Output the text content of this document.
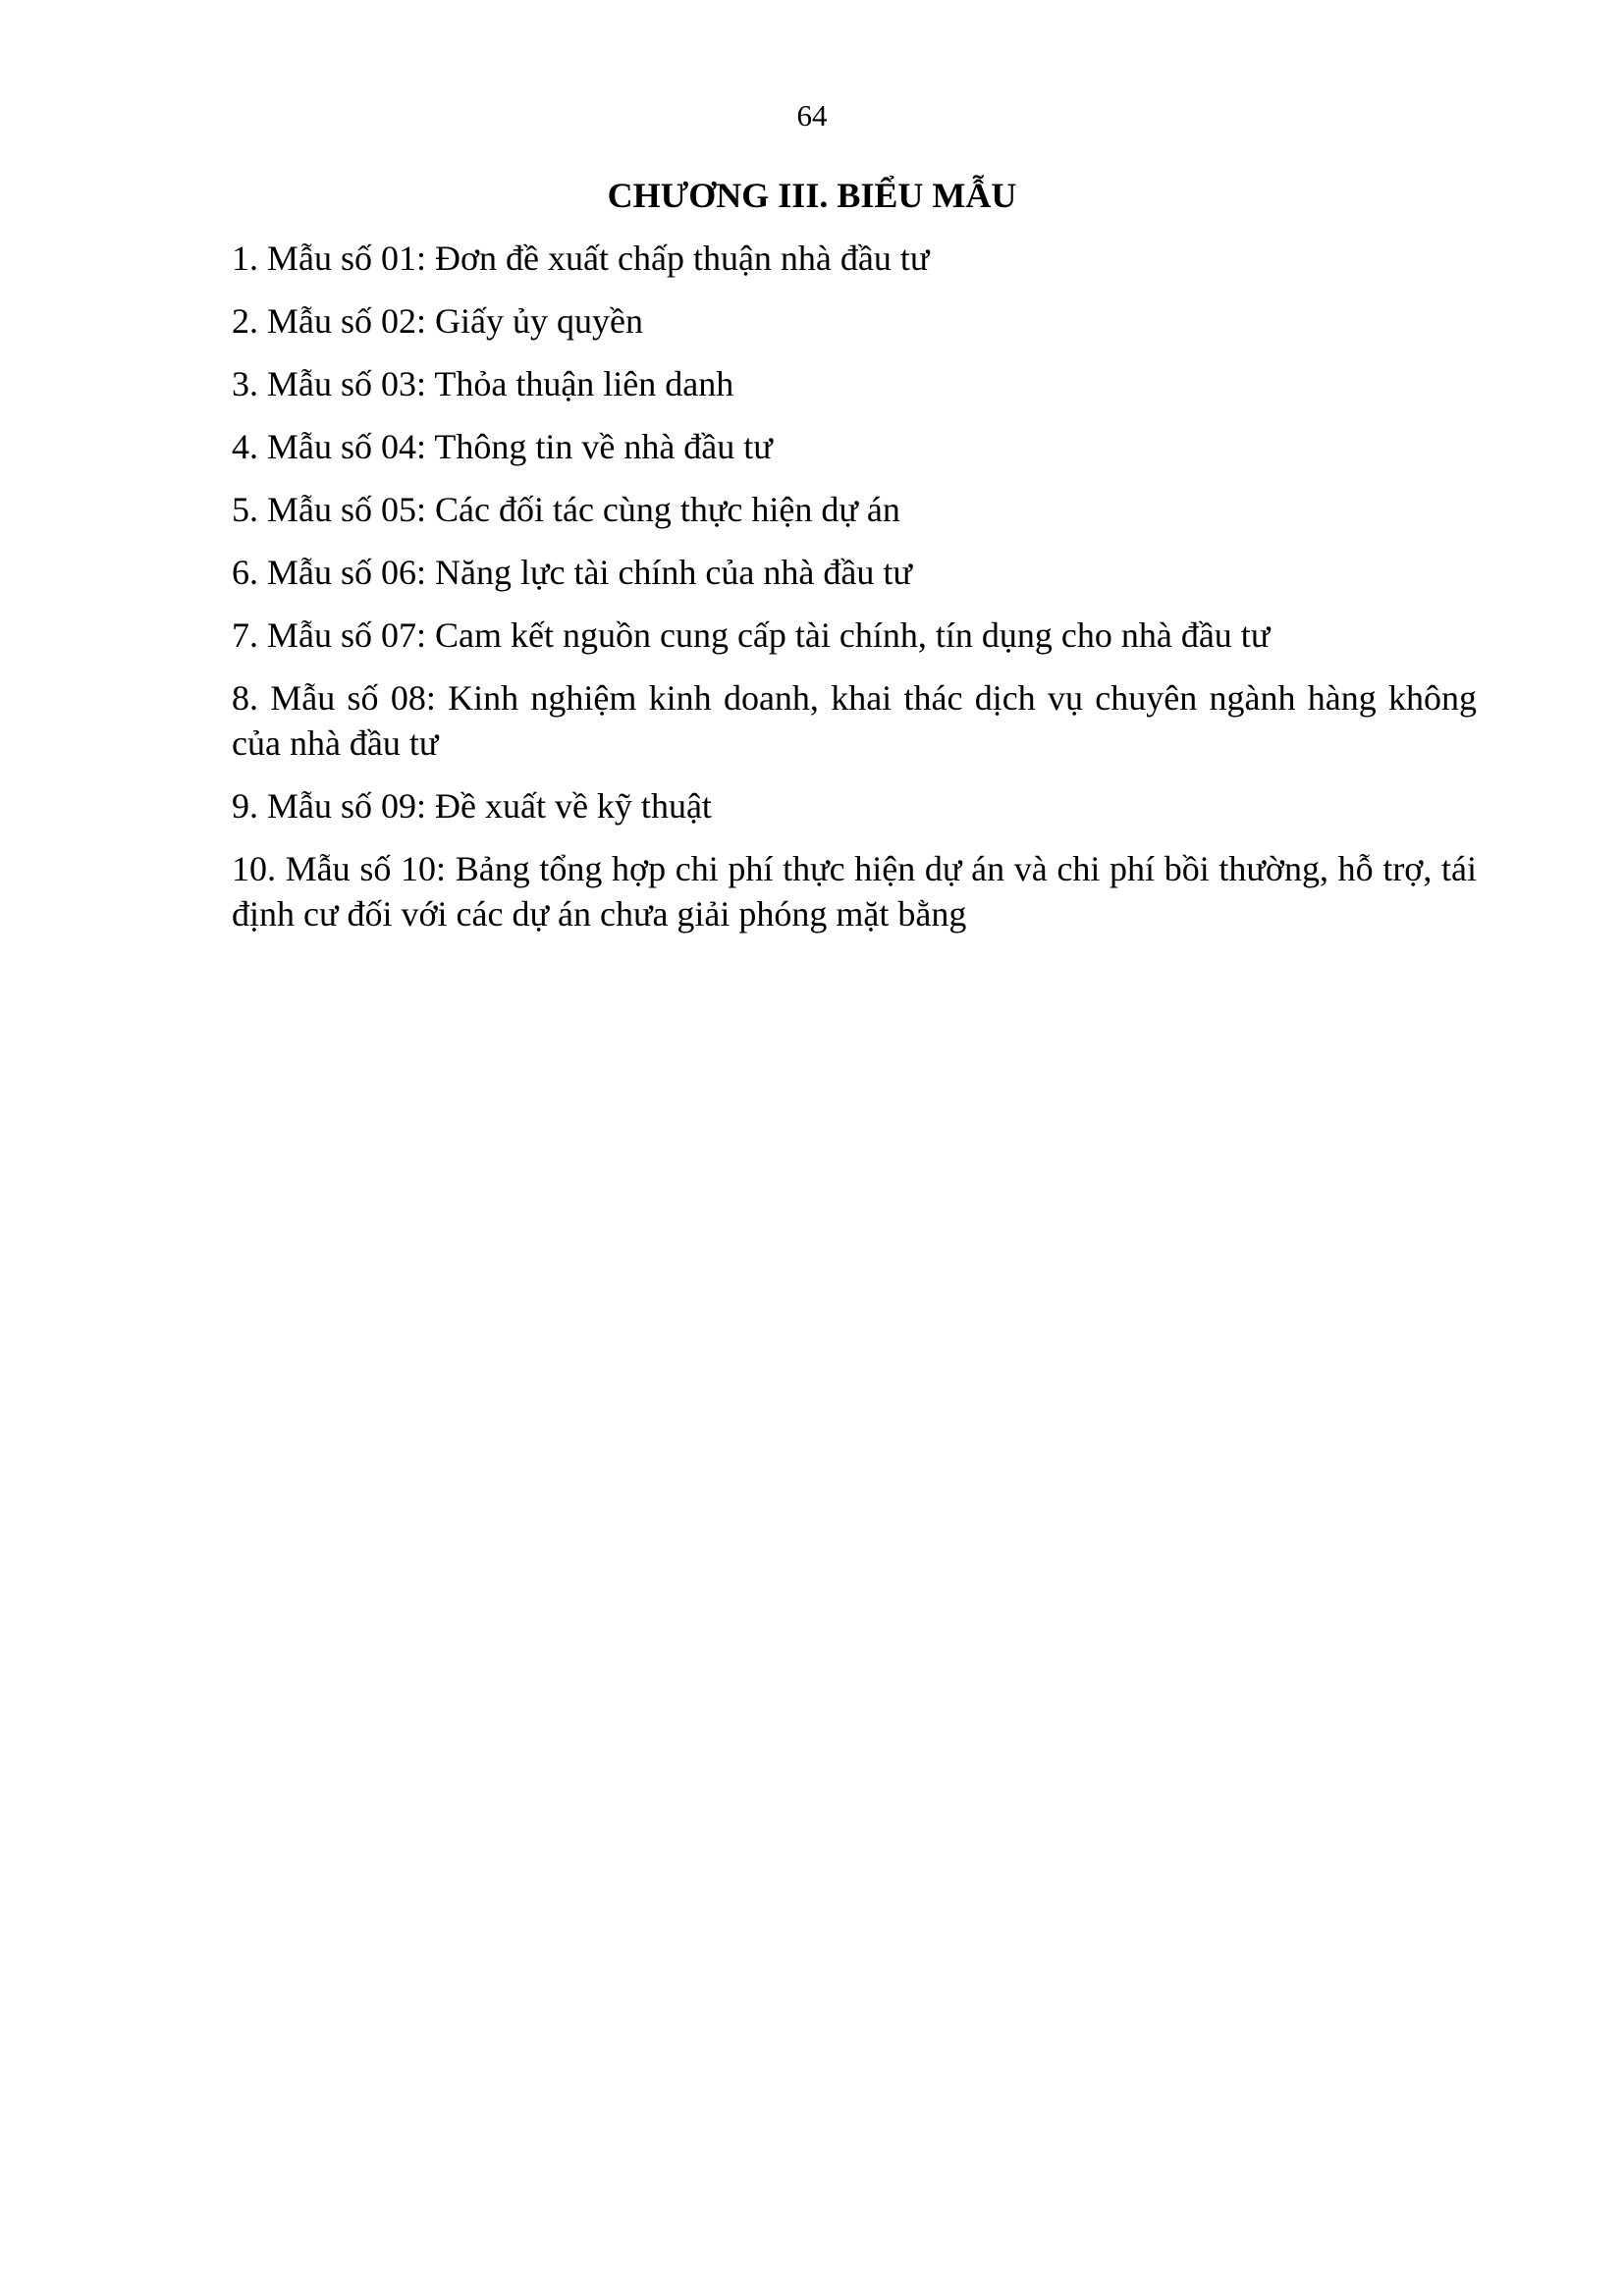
64
CHƯƠNG III. BIỂU MẪU
1. Mẫu số 01: Đơn đề xuất chấp thuận nhà đầu tư
2. Mẫu số 02: Giấy ủy quyền
3. Mẫu số 03: Thỏa thuận liên danh
4. Mẫu số 04: Thông tin về nhà đầu tư
5. Mẫu số 05: Các đối tác cùng thực hiện dự án
6. Mẫu số 06: Năng lực tài chính của nhà đầu tư
7. Mẫu số 07: Cam kết nguồn cung cấp tài chính, tín dụng cho nhà đầu tư
8. Mẫu số 08: Kinh nghiệm kinh doanh, khai thác dịch vụ chuyên ngành hàng không của nhà đầu tư
9. Mẫu số 09: Đề xuất về kỹ thuật
10. Mẫu số 10: Bảng tổng hợp chi phí thực hiện dự án và chi phí bồi thường, hỗ trợ, tái định cư đối với các dự án chưa giải phóng mặt bằng
